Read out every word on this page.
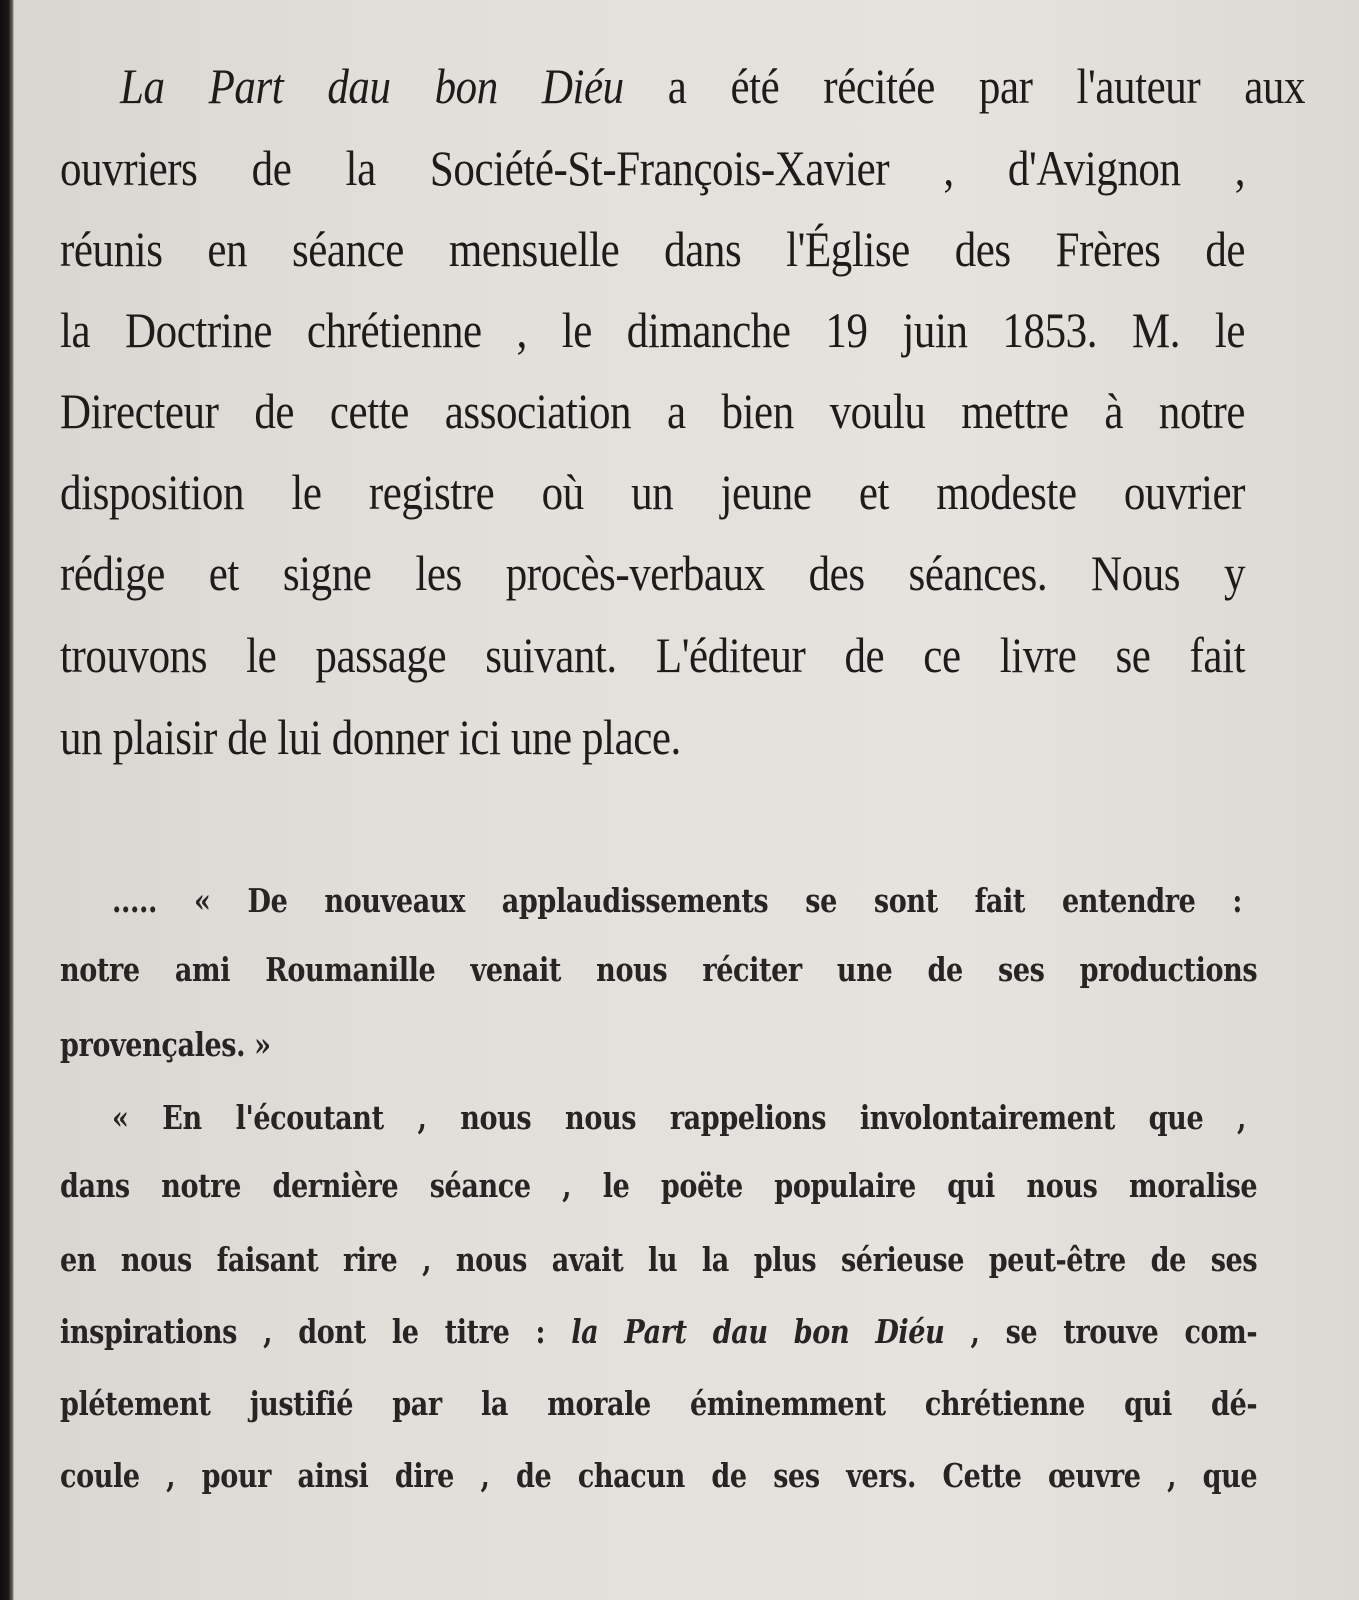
La Part dau bon Diéu a été récitée par l'auteur aux
ouvriers de la Société-St-François-Xavier , d'Avignon ,
réunis en séance mensuelle dans l'Église des Frères de
la Doctrine chrétienne , le dimanche 19 juin 1853. M. le
Directeur de cette association a bien voulu mettre à notre
disposition le registre où un jeune et modeste ouvrier
rédige et signe les procès-verbaux des séances. Nous y
trouvons le passage suivant. L'éditeur de ce livre se fait
un plaisir de lui donner ici une place.
..... « De nouveaux applaudissements se sont fait entendre :
notre ami Roumanille venait nous réciter une de ses productions
provençales. »
« En l'écoutant , nous nous rappelions involontairement que ,
dans notre dernière séance , le poëte populaire qui nous moralise
en nous faisant rire , nous avait lu la plus sérieuse peut-être de ses
inspirations , dont le titre : la Part dau bon Diéu , se trouve com-
plétement justifié par la morale éminemment chrétienne qui dé-
coule , pour ainsi dire , de chacun de ses vers. Cette œuvre , que
